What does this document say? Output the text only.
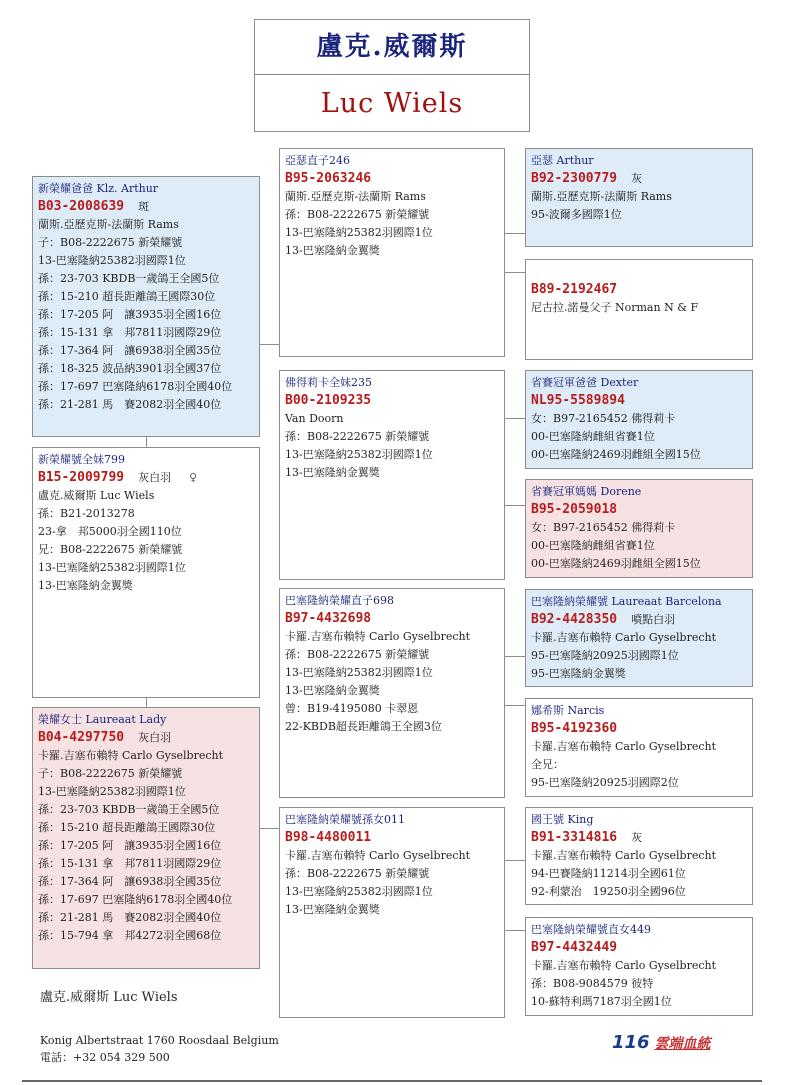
盧克.威爾斯
Luc Wiels
新榮耀爸爸 Klz. Arthur
B03-2008639 斑
蘭斯.亞歷克斯-法蘭斯 Rams
子：B08-2222675 新榮耀號
13-巴塞隆納25382羽國際1位
孫：23-703 KBDB一歲鴿王全國5位
孫：15-210 超長距離鴿王國際30位
孫：17-205 阿　讓3935羽全國16位
孫：15-131 拿　邦7811羽國際29位
孫：17-364 阿　讓6938羽全國35位
孫：18-325 波品納3901羽全國37位
孫：17-697 巴塞隆納6178羽全國40位
孫：21-281 馬　賽2082羽全國40位
新榮耀號全妹799
B15-2009799 灰白羽 ♀
盧克.威爾斯 Luc Wiels
孫：B21-2013278
23-拿　邦5000羽全國110位
兄：B08-2222675 新榮耀號
13-巴塞隆納25382羽國際1位
13-巴塞隆納金翼獎
榮耀女士 Laureaat Lady
B04-4297750 灰白羽
卡羅.吉塞布賴特 Carlo Gyselbrecht
子：B08-2222675 新榮耀號
13-巴塞隆納25382羽國際1位
孫：23-703 KBDB一歲鴿王全國5位
孫：15-210 超長距離鴿王國際30位
孫：17-205 阿　讓3935羽全國16位
孫：15-131 拿　邦7811羽國際29位
孫：17-364 阿　讓6938羽全國35位
孫：17-697 巴塞隆納6178羽全國40位
孫：21-281 馬　賽2082羽全國40位
孫：15-794 拿　邦4272羽全國68位
亞瑟直子246
B95-2063246
蘭斯.亞歷克斯-法蘭斯 Rams
孫：B08-2222675 新榮耀號
13-巴塞隆納25382羽國際1位
13-巴塞隆納金翼獎
佛得莉卡全妹235
B00-2109235
Van Doorn
孫：B08-2222675 新榮耀號
13-巴塞隆納25382羽國際1位
13-巴塞隆納金翼獎
巴塞隆納榮耀直子698
B97-4432698
卡羅.吉塞布賴特 Carlo Gyselbrecht
孫：B08-2222675 新榮耀號
13-巴塞隆納25382羽國際1位
13-巴塞隆納金翼獎
曾：B19-4195080 卡翠恩
22-KBDB超長距離鴿王全國3位
巴塞隆納榮耀號孫女011
B98-4480011
卡羅.吉塞布賴特 Carlo Gyselbrecht
孫：B08-2222675 新榮耀號
13-巴塞隆納25382羽國際1位
13-巴塞隆納金翼獎
亞瑟 Arthur
B92-2300779 灰
蘭斯.亞歷克斯-法蘭斯 Rams
95-波爾多國際1位
B89-2192467
尼古拉.諾曼父子 Norman N & F
省賽冠軍爸爸 Dexter
NL95-5589894
女：B97-2165452 佛得莉卡
00-巴塞隆納雌組省賽1位
00-巴塞隆納2469羽雌組全國15位
省賽冠軍媽媽 Dorene
B95-2059018
女：B97-2165452 佛得莉卡
00-巴塞隆納雌組省賽1位
00-巴塞隆納2469羽雌組全國15位
巴塞隆納榮耀號 Laureaat Barcelona
B92-4428350 噴點白羽
卡羅.吉塞布賴特 Carlo Gyselbrecht
95-巴塞隆納20925羽國際1位
95-巴塞隆納金翼獎
娜希斯 Narcis
B95-4192360
卡羅.吉塞布賴特 Carlo Gyselbrecht
全兄：
95-巴塞隆納20925羽國際2位
國王號 King
B91-3314816 灰
卡羅.吉塞布賴特 Carlo Gyselbrecht
94-巴賽隆納11214羽全國61位
92-利蒙治　19250羽全國96位
巴塞隆納榮耀號直女449
B97-4432449
卡羅.吉塞布賴特 Carlo Gyselbrecht
孫：B08-9084579 彼特
10-蘇特利瑪7187羽全國1位
盧克.威爾斯 Luc Wiels
Konig Albertstraat 1760 Roosdaal Belgium
電話：+32 054 329 500
116 雲端血統
